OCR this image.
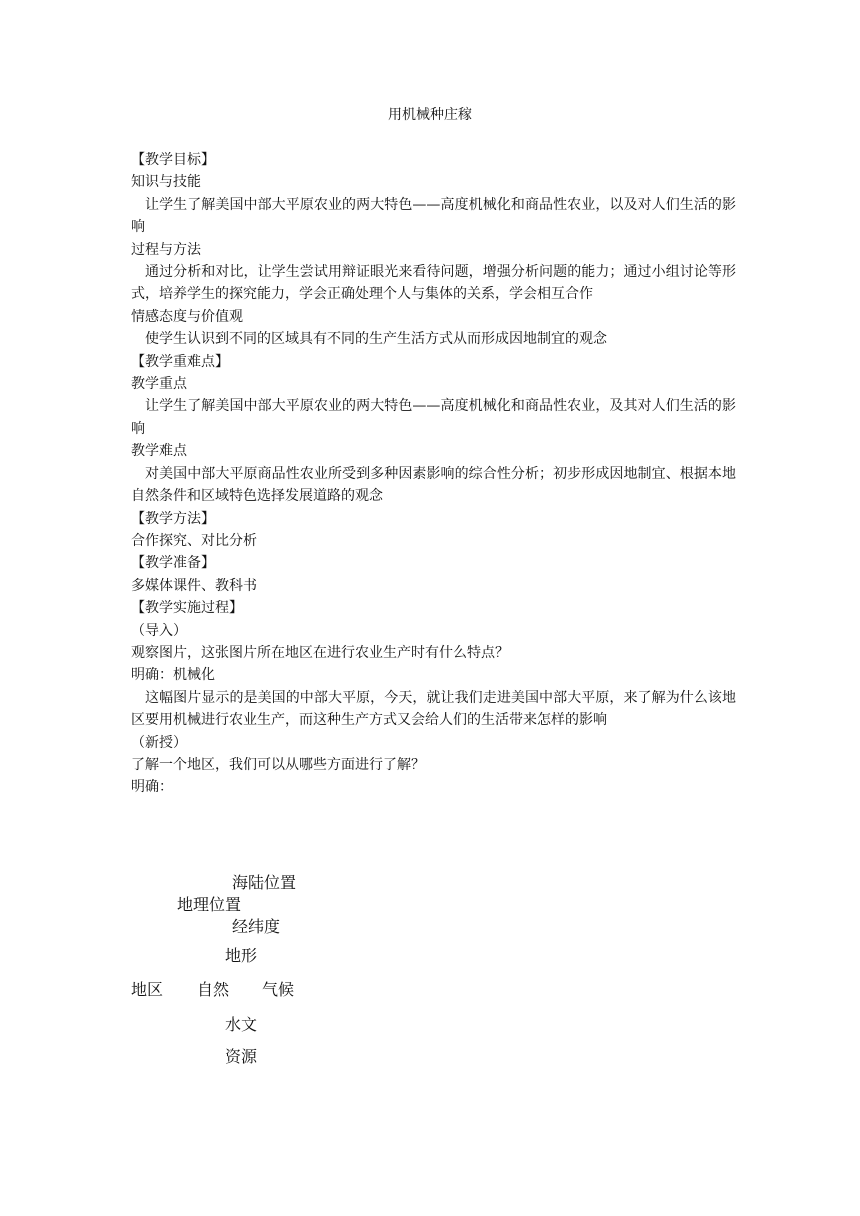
用机械种庄稼
【教学目标】
知识与技能
让学生了解美国中部大平原农业的两大特色——高度机械化和商品性农业，以及对人们生活的影响
过程与方法
通过分析和对比，让学生尝试用辩证眼光来看待问题，增强分析问题的能力；通过小组讨论等形式，培养学生的探究能力，学会正确处理个人与集体的关系，学会相互合作
情感态度与价值观
使学生认识到不同的区域具有不同的生产生活方式从而形成因地制宜的观念
【教学重难点】
教学重点
让学生了解美国中部大平原农业的两大特色——高度机械化和商品性农业，及其对人们生活的影响
教学难点
对美国中部大平原商品性农业所受到多种因素影响的综合性分析；初步形成因地制宜、根据本地自然条件和区域特色选择发展道路的观念
【教学方法】
合作探究、对比分析
【教学准备】
多媒体课件、教科书
【教学实施过程】
（导入）
观察图片，这张图片所在地区在进行农业生产时有什么特点？
明确：机械化
这幅图片显示的是美国的中部大平原，今天，就让我们走进美国中部大平原，来了解为什么该地区要用机械进行农业生产，而这种生产方式又会给人们的生活带来怎样的影响
（新授）
了解一个地区，我们可以从哪些方面进行了解？
明确：
海陆位置
地理位置
经纬度
地形
地区 自然 气候
水文
资源
